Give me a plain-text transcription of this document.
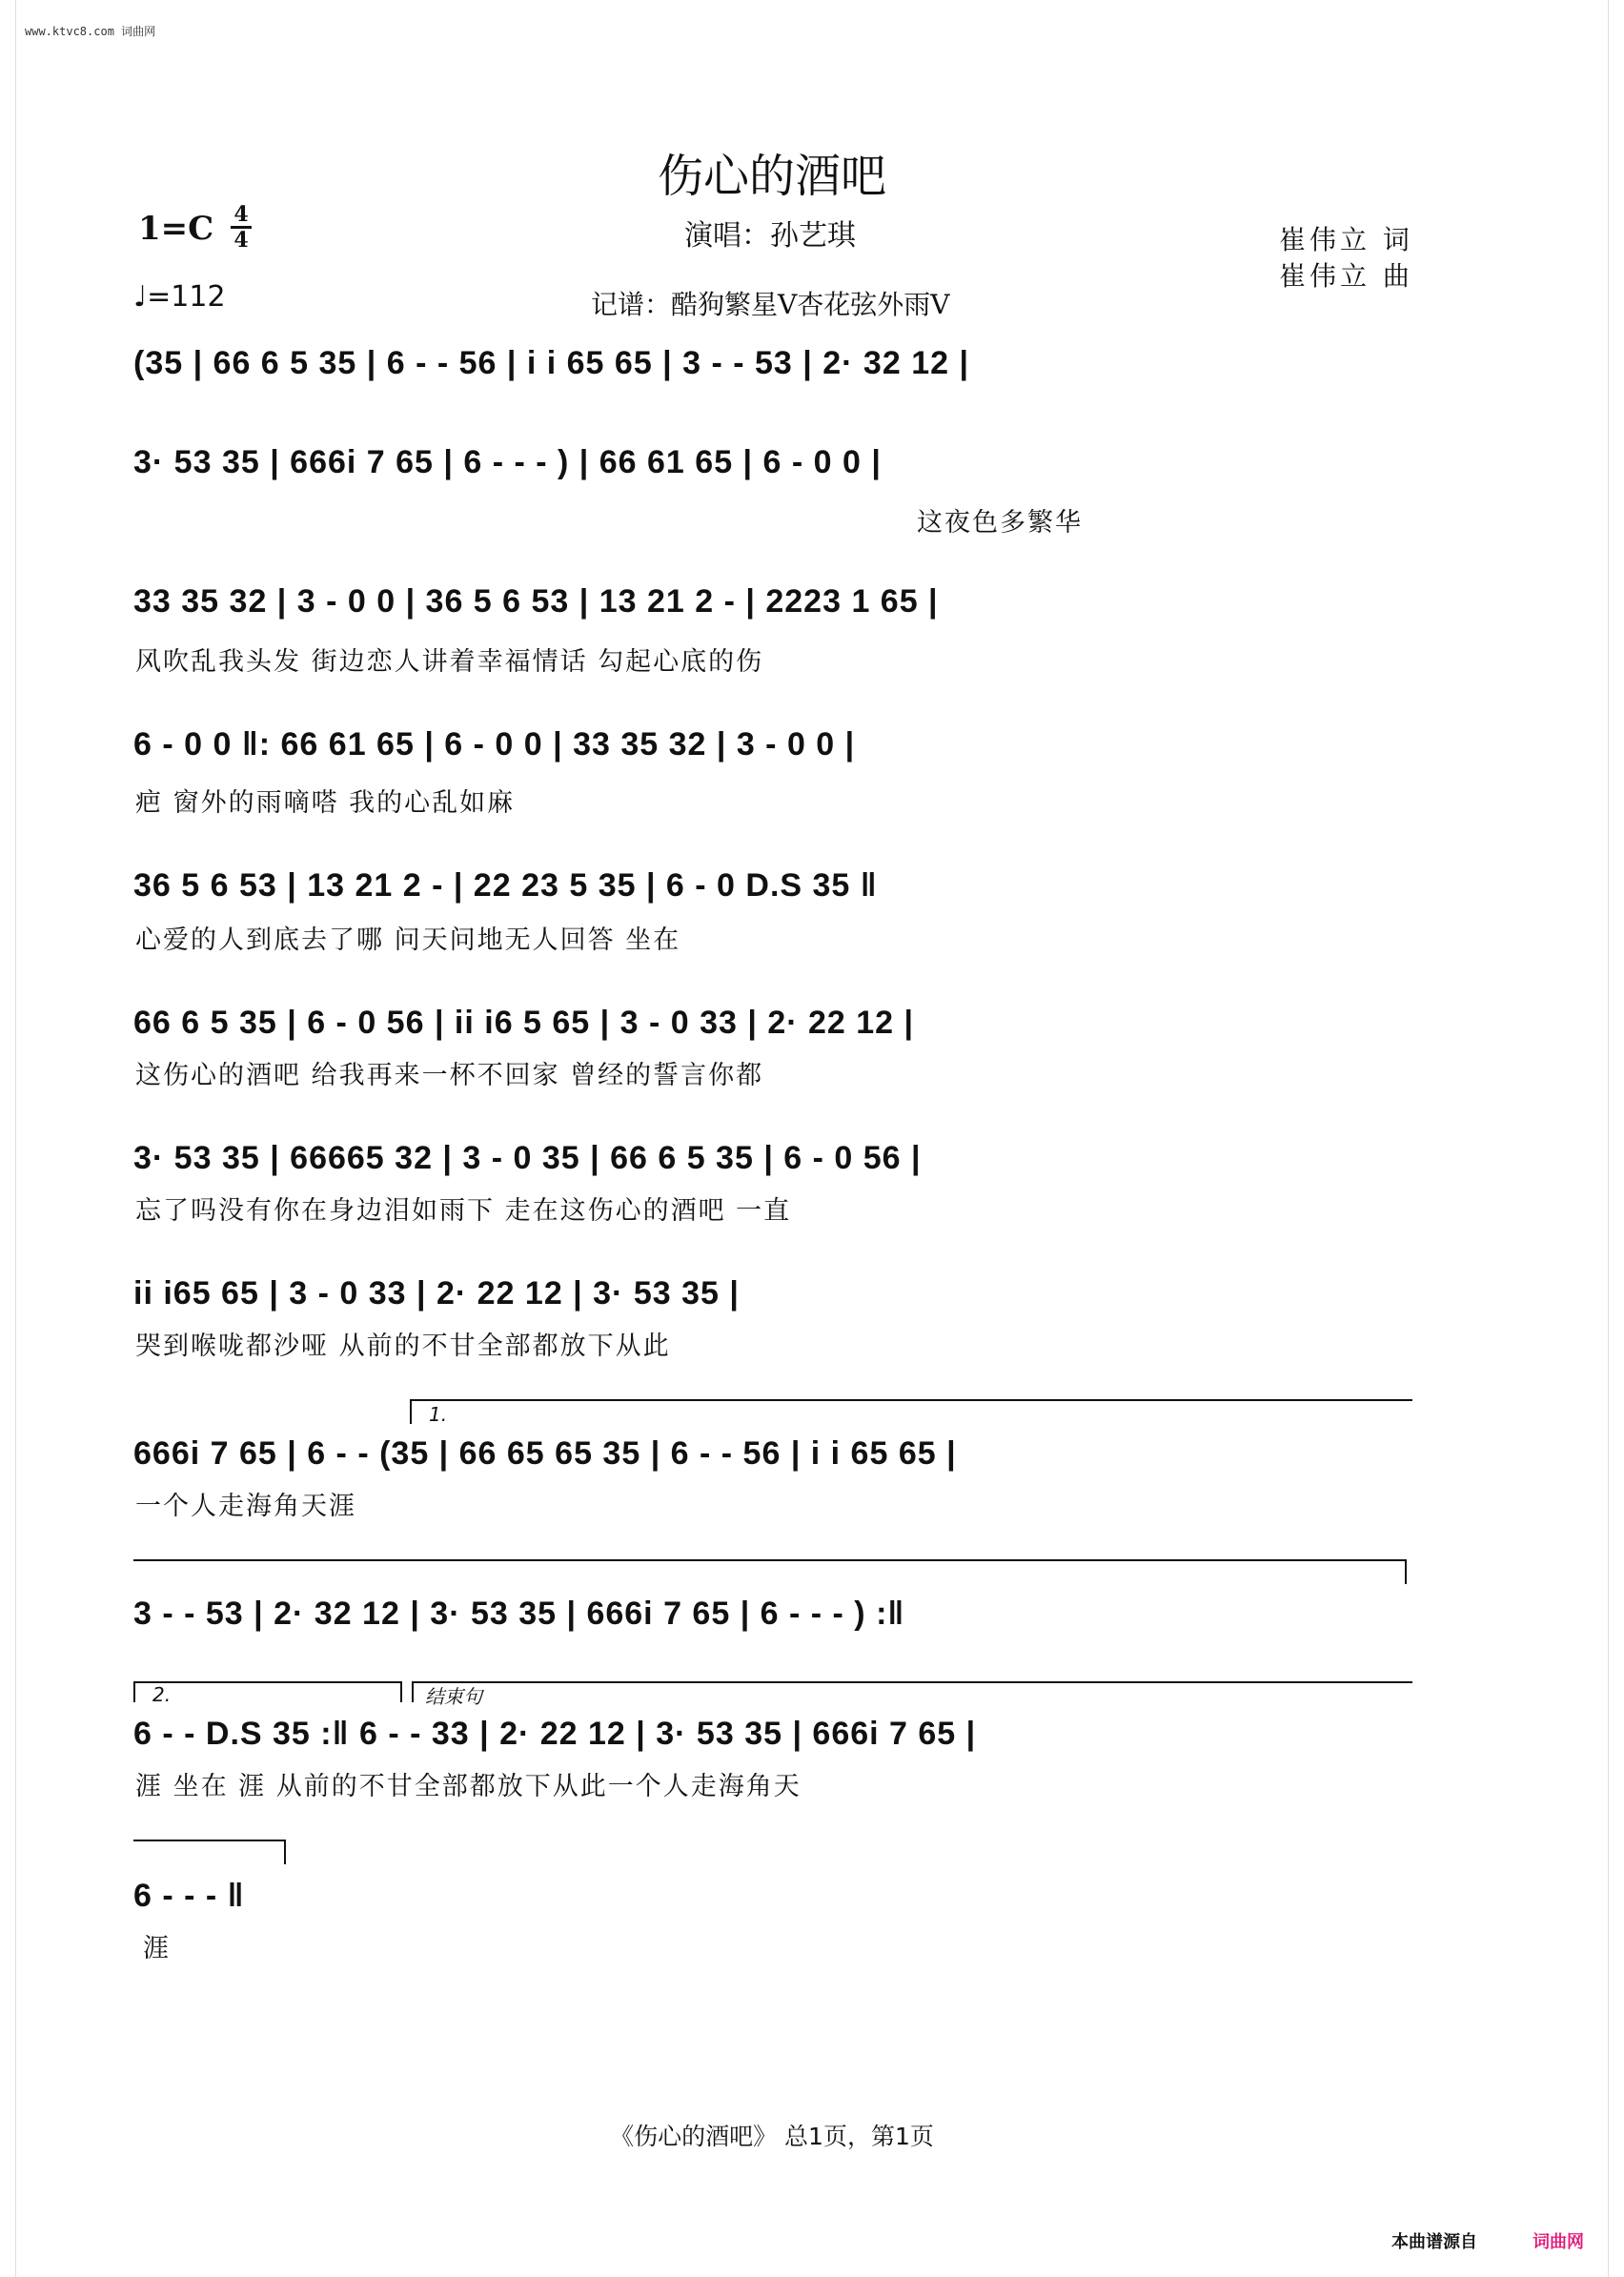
www.ktvc8.com 词曲网
伤心的酒吧
1=C 4
4
♩=112
演唱：孙艺琪
记谱：酷狗繁星V杏花弦外雨V
崔伟立 词
崔伟立 曲
(35 | 66 6 5 35 | 6 - - 56 | i i 65 65 | 3 - - 53 | 2· 32 12 |
3· 53 35 | 666i 7 65 | 6 - - - ) | 66 61 65 | 6 - 0 0 |
这夜色多繁华
33 35 32 | 3 - 0 0 | 36 5 6 53 | 13 21 2 - | 2223 1 65 |
风吹乱我头发 街边恋人讲着幸福情话 勾起心底的伤
6 - 0 0 ‖: 66 61 65 | 6 - 0 0 | 33 35 32 | 3 - 0 0 |
疤 窗外的雨嘀嗒 我的心乱如麻
36 5 6 53 | 13 21 2 - | 22 23 5 35 | 6 - 0 D.S 35 ‖
心爱的人到底去了哪 问天问地无人回答 坐在
66 6 5 35 | 6 - 0 56 | ii i6 5 65 | 3 - 0 33 | 2· 22 12 |
这伤心的酒吧 给我再来一杯不回家 曾经的誓言你都
3· 53 35 | 66665 32 | 3 - 0 35 | 66 6 5 35 | 6 - 0 56 |
忘了吗没有你在身边泪如雨下 走在这伤心的酒吧 一直
ii i65 65 | 3 - 0 33 | 2· 22 12 | 3· 53 35 |
哭到喉咙都沙哑 从前的不甘全部都放下从此
1.
666i 7 65 | 6 - - (35 | 66 65 65 35 | 6 - - 56 | i i 65 65 |
一个人走海角天涯
3 - - 53 | 2· 32 12 | 3· 53 35 | 666i 7 65 | 6 - - - ) :‖
2.	结束句
6 - - D.S 35 :‖ 6 - - 33 | 2· 22 12 | 3· 53 35 | 666i 7 65 |
涯 坐在 涯 从前的不甘全部都放下从此一个人走海角天
6 - - - ‖
涯
《伤心的酒吧》 总1页，第1页
本曲谱源自	词曲网
